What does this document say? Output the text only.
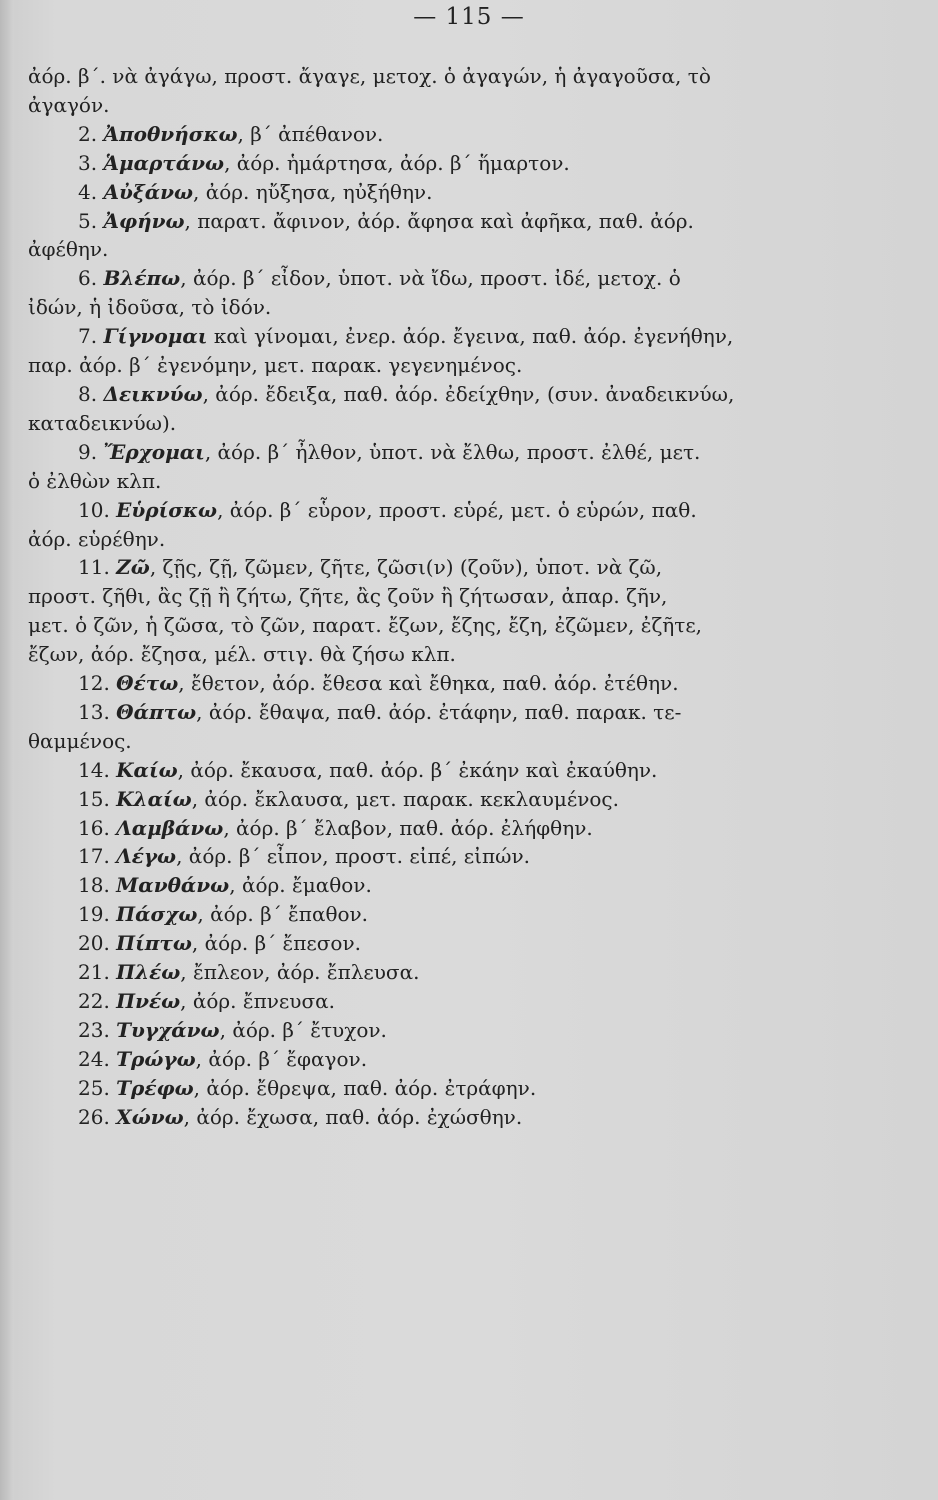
— 115 —
ἀόρ. β΄. νὰ ἀγάγω, προστ. ἄγαγε, μετοχ. ὁ ἀγαγών, ἡ ἀγαγοῦσα, τὸ
ἀγαγόν.
2. Ἀποθνήσκω, β΄ ἀπέθανον.
3. Ἁμαρτάνω, ἀόρ. ἡμάρτησα, ἀόρ. β΄ ἥμαρτον.
4. Αὐξάνω, ἀόρ. ηὔξησα, ηὐξήθην.
5. Ἀφήνω, παρατ. ἄφινον, ἀόρ. ἄφησα καὶ ἀφῆκα, παθ. ἀόρ.
ἀφέθην.
6. Βλέπω, ἀόρ. β΄ εἶδον, ὑποτ. νὰ ἴδω, προστ. ἰδέ, μετοχ. ὁ
ἰδών, ἡ ἰδοῦσα, τὸ ἰδόν.
7. Γίγνομαι καὶ γίνομαι, ἐνερ. ἀόρ. ἔγεινα, παθ. ἀόρ. ἐγενήθην,
παρ. ἀόρ. β΄ ἐγενόμην, μετ. παρακ. γεγενημένος.
8. Δεικνύω, ἀόρ. ἔδειξα, παθ. ἀόρ. ἐδείχθην, (συν. ἀναδεικνύω,
καταδεικνύω).
9. Ἔρχομαι, ἀόρ. β΄ ἦλθον, ὑποτ. νὰ ἔλθω, προστ. ἐλθέ, μετ.
ὁ ἐλθὼν κλπ.
10. Εὑρίσκω, ἀόρ. β΄ εὗρον, προστ. εὑρέ, μετ. ὁ εὑρών, παθ.
ἀόρ. εὑρέθην.
11. Ζῶ, ζῇς, ζῇ, ζῶμεν, ζῆτε, ζῶσι(ν) (ζοῦν), ὑποτ. νὰ ζῶ,
προστ. ζῆθι, ἂς ζῇ ἢ ζήτω, ζῆτε, ἂς ζοῦν ἢ ζήτωσαν, ἀπαρ. ζῆν,
μετ. ὁ ζῶν, ἡ ζῶσα, τὸ ζῶν, παρατ. ἔζων, ἔζης, ἔζη, ἐζῶμεν, ἐζῆτε,
ἔζων, ἀόρ. ἔζησα, μέλ. στιγ. θὰ ζήσω κλπ.
12. Θέτω, ἔθετον, ἀόρ. ἔθεσα καὶ ἔθηκα, παθ. ἀόρ. ἐτέθην.
13. Θάπτω, ἀόρ. ἔθαψα, παθ. ἀόρ. ἐτάφην, παθ. παρακ. τε-
θαμμένος.
14. Καίω, ἀόρ. ἔκαυσα, παθ. ἀόρ. β΄ ἐκάην καὶ ἐκαύθην.
15. Κλαίω, ἀόρ. ἔκλαυσα, μετ. παρακ. κεκλαυμένος.
16. Λαμβάνω, ἀόρ. β΄ ἔλαβον, παθ. ἀόρ. ἐλήφθην.
17. Λέγω, ἀόρ. β΄ εἶπον, προστ. εἰπέ, εἰπών.
18. Μανθάνω, ἀόρ. ἔμαθον.
19. Πάσχω, ἀόρ. β΄ ἔπαθον.
20. Πίπτω, ἀόρ. β΄ ἔπεσον.
21. Πλέω, ἔπλεον, ἀόρ. ἔπλευσα.
22. Πνέω, ἀόρ. ἔπνευσα.
23. Τυγχάνω, ἀόρ. β΄ ἔτυχον.
24. Τρώγω, ἀόρ. β΄ ἔφαγον.
25. Τρέφω, ἀόρ. ἔθρεψα, παθ. ἀόρ. ἐτράφην.
26. Χώνω, ἀόρ. ἔχωσα, παθ. ἀόρ. ἐχώσθην.
